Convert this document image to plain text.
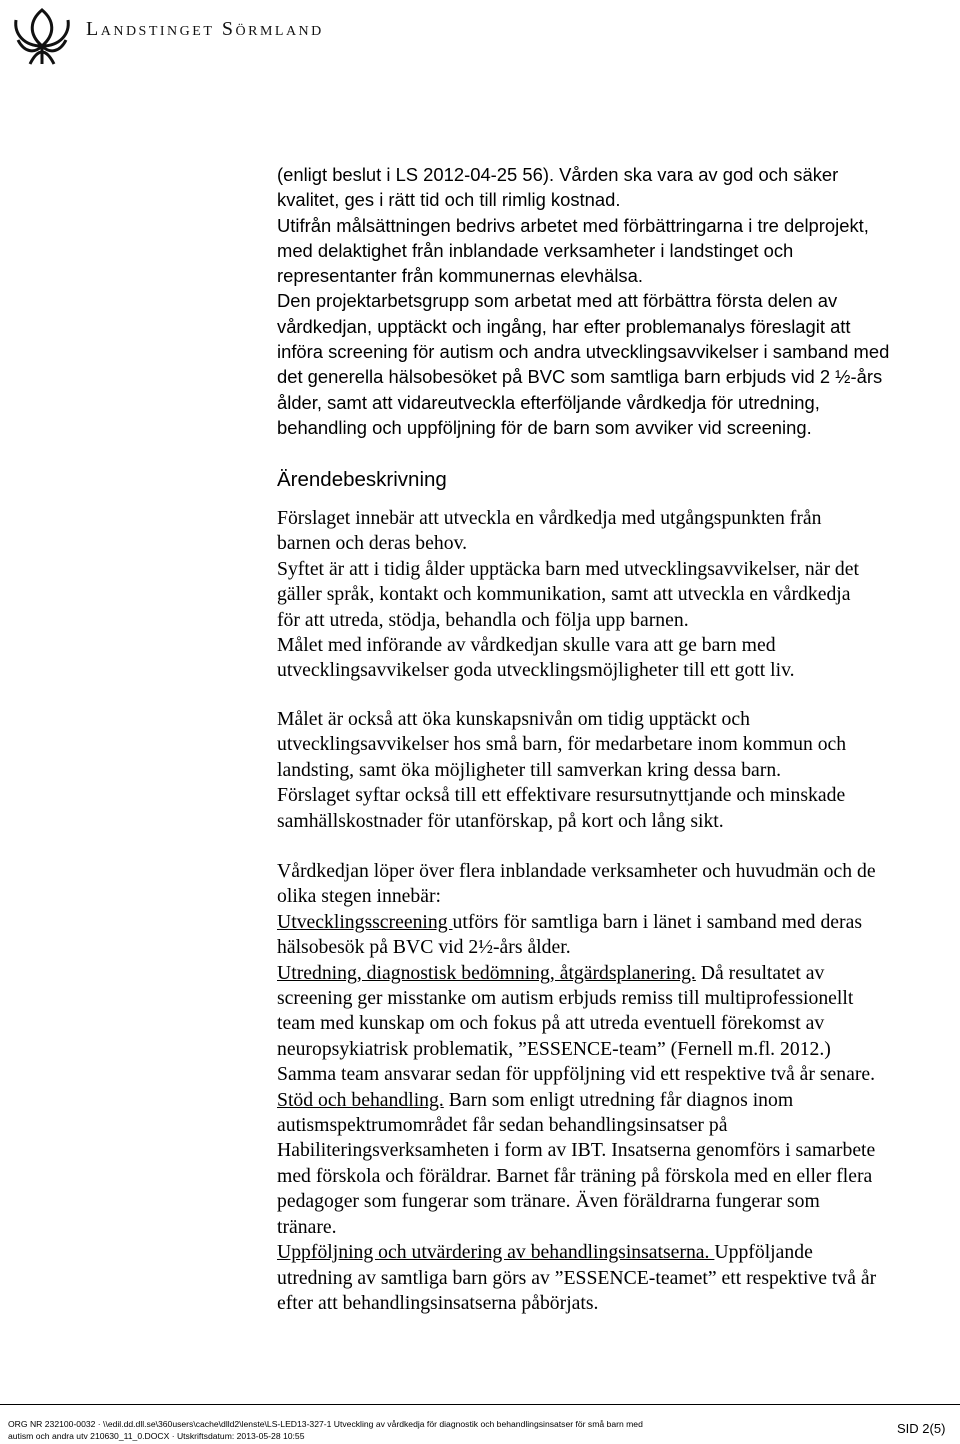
Landstinget Sörmland
(enligt beslut i LS 2012-04-25 56). Vården ska vara av god och säker
kvalitet, ges i rätt tid och till rimlig kostnad.
Utifrån målsättningen bedrivs arbetet med förbättringarna i tre delprojekt,
med delaktighet från inblandade verksamheter i landstinget och
representanter från kommunernas elevhälsa.
Den projektarbetsgrupp som arbetat med att förbättra första delen av
vårdkedjan, upptäckt och ingång, har efter problemanalys föreslagit att
införa screening för autism och andra utvecklingsavvikelser i samband med
det generella hälsobesöket på BVC som samtliga barn erbjuds vid 2 ½-års
ålder, samt att vidareutveckla efterföljande vårdkedja för utredning,
behandling och uppföljning för de barn som avviker vid screening.
Ärendebeskrivning
Förslaget innebär att utveckla en vårdkedja med utgångspunkten från
barnen och deras behov.
Syftet är att i tidig ålder upptäcka barn med utvecklingsavvikelser, när det
gäller språk, kontakt och kommunikation, samt att utveckla en vårdkedja
för att utreda, stödja, behandla och följa upp barnen.
Målet med införande av vårdkedjan skulle vara att ge barn med
utvecklingsavvikelser goda utvecklingsmöjligheter till ett gott liv.
Målet är också att öka kunskapsnivån om tidig upptäckt och
utvecklingsavvikelser hos små barn, för medarbetare inom kommun och
landsting, samt öka möjligheter till samverkan kring dessa barn.
Förslaget syftar också till ett effektivare resursutnyttjande och minskade
samhällskostnader för utanförskap, på kort och lång sikt.
Vårdkedjan löper över flera inblandade verksamheter och huvudmän och de
olika stegen innebär:
Utvecklingsscreening utförs för samtliga barn i länet i samband med deras
hälsobesök på BVC vid 2½-års ålder.
Utredning, diagnostisk bedömning, åtgärdsplanering. Då resultatet av
screening ger misstanke om autism erbjuds remiss till multiprofessionellt
team med kunskap om och fokus på att utreda eventuell förekomst av
neuropsykiatrisk problematik, ”ESSENCE-team” (Fernell m.fl. 2012.)
Samma team ansvarar sedan för uppföljning vid ett respektive två år senare.
Stöd och behandling. Barn som enligt utredning får diagnos inom
autismspektrumområdet får sedan behandlingsinsatser på
Habiliteringsverksamheten i form av IBT. Insatserna genomförs i samarbete
med förskola och föräldrar. Barnet får träning på förskola med en eller flera
pedagoger som fungerar som tränare. Även föräldrarna fungerar som
tränare.
Uppföljning och utvärdering av behandlingsinsatserna. Uppföljande
utredning av samtliga barn görs av ”ESSENCE-teamet” ett respektive två år
efter att behandlingsinsatserna påbörjats.
ORG NR 232100-0032 · \\edil.dd.dll.se\360users\cache\dlld2\lenste\LS-LED13-327-1 Utveckling av vårdkedja för diagnostik och behandlingsinsatser för små barn med
autism och andra utv 210630_11_0.DOCX · Utskriftsdatum: 2013-05-28 10:55	SID 2(5)
